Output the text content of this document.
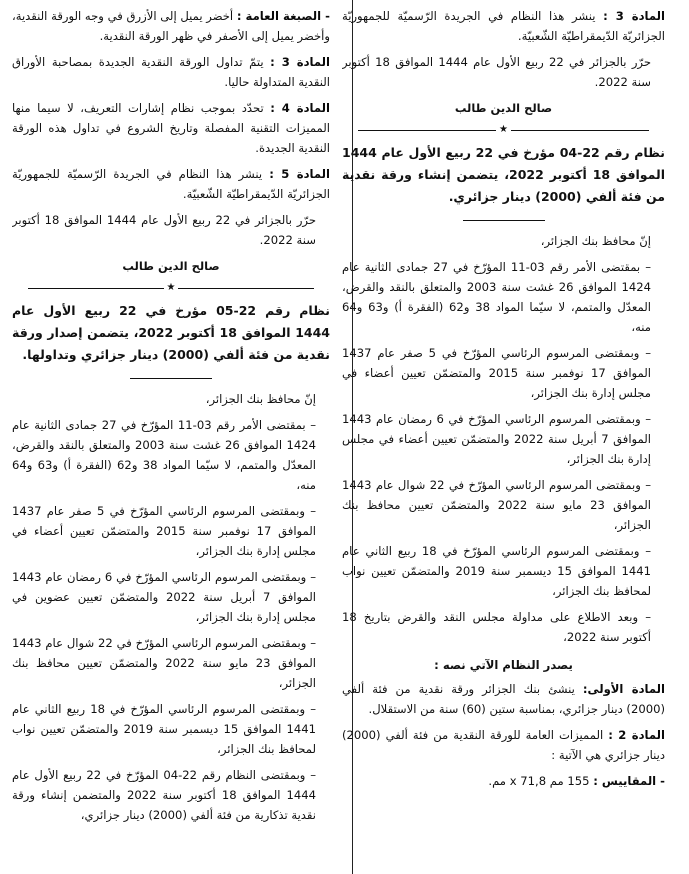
المادة 3 : ينشر هذا النظام في الجريدة الرّسميّة للجمهوريّة الجزائريّة الدّيمقراطيّة الشّعبيّة.

حرّر بالجزائر في 22 ربيع الأول عام 1444 الموافق 18 أكتوبر سنة 2022.

صالح الدين طالب
★
نظام رقم 22-04 مؤرخ في 22 ربيع الأول عام 1444 الموافق 18 أكتوبر 2022، يتضمن إنشاء ورقة نقدية من فئة ألفي (2000) دينار جزائري.

إنّ محافظ بنك الجزائر،

– بمقتضى الأمر رقم 03-11 المؤرّخ في 27 جمادى الثانية عام 1424 الموافق 26 غشت سنة 2003 والمتعلق بالنقد والقرض، المعدّل والمتمم، لا سيّما المواد 38 و62 (الفقرة أ) و63 و64 منه،

– وبمقتضى المرسوم الرئاسي المؤرّخ في 5 صفر عام 1437 الموافق 17 نوفمبر سنة 2015 والمتضمّن تعيين أعضاء في مجلس إدارة بنك الجزائر،

– وبمقتضى المرسوم الرئاسي المؤرّخ في 6 رمضان عام 1443 الموافق 7 أبريل سنة 2022 والمتضمّن تعيين أعضاء في مجلس إدارة بنك الجزائر،

– وبمقتضى المرسوم الرئاسي المؤرّخ في 22 شوال عام 1443 الموافق 23 مايو سنة 2022 والمتضمّن تعيين محافظ بنك الجزائر،

– وبمقتضى المرسوم الرئاسي المؤرّخ في 18 ربيع الثاني عام 1441 الموافق 15 ديسمبر سنة 2019 والمتضمّن تعيين نواب لمحافظ بنك الجزائر،

– وبعد الاطلاع على مداولة مجلس النقد والقرض بتاريخ 18 أكتوبر سنة 2022،

يصدر النظام الآتي نصه :

المادة الأولى: ينشئ بنك الجزائر ورقة نقدية من فئة ألفي (2000) دينار جزائري، بمناسبة ستين (60) سنة من الاستقلال.

المادة 2 : المميزات العامة للورقة النقدية من فئة ألفي (2000) دينار جزائري هي الآتية :

- المقاييس : 155 مم x 71,8 مم.

- الصبغة العامة : أخضر يميل إلى الأزرق في وجه الورقة النقدية، وأخضر يميل إلى الأصفر في ظهر الورقة النقدية.

المادة 3 : يتمّ تداول الورقة النقدية الجديدة بمصاحبة الأوراق النقدية المتداولة حاليا.

المادة 4 : تحدّد بموجب نظام إشارات التعريف، لا سيما منها المميزات التقنية المفصلة وتاريخ الشروع في تداول هذه الورقة النقدية الجديدة.

المادة 5 : ينشر هذا النظام في الجريدة الرّسميّة للجمهوريّة الجزائريّة الدّيمقراطيّة الشّعبيّة.

حرّر بالجزائر في 22 ربيع الأول عام 1444 الموافق 18 أكتوبر سنة 2022.

صالح الدين طالب
★
نظام رقم 22-05 مؤرخ في 22 ربيع الأول عام 1444 الموافق 18 أكتوبر 2022، يتضمن إصدار ورقة نقدية من فئة ألفي (2000) دينار جزائري وتداولها.

إنّ محافظ بنك الجزائر،

– بمقتضى الأمر رقم 03-11 المؤرّخ في 27 جمادى الثانية عام 1424 الموافق 26 غشت سنة 2003 والمتعلق بالنقد والقرض، المعدّل والمتمم، لا سيّما المواد 38 و62 (الفقرة أ) و63 و64 منه،

– وبمقتضى المرسوم الرئاسي المؤرّخ في 5 صفر عام 1437 الموافق 17 نوفمبر سنة 2015 والمتضمّن تعيين أعضاء في مجلس إدارة بنك الجزائر،

– وبمقتضى المرسوم الرئاسي المؤرّخ في 6 رمضان عام 1443 الموافق 7 أبريل سنة 2022 والمتضمّن تعيين عضوين في مجلس إدارة بنك الجزائر،

– وبمقتضى المرسوم الرئاسي المؤرّخ في 22 شوال عام 1443 الموافق 23 مايو سنة 2022 والمتضمّن تعيين محافظ بنك الجزائر،

– وبمقتضى المرسوم الرئاسي المؤرّخ في 18 ربيع الثاني عام 1441 الموافق 15 ديسمبر سنة 2019 والمتضمّن تعيين نواب لمحافظ بنك الجزائر،

– وبمقتضى النظام رقم 22-04 المؤرّخ في 22 ربيع الأول عام 1444 الموافق 18 أكتوبر سنة 2022 والمتضمن إنشاء ورقة نقدية تذكارية من فئة ألفي (2000) دينار جزائري،
